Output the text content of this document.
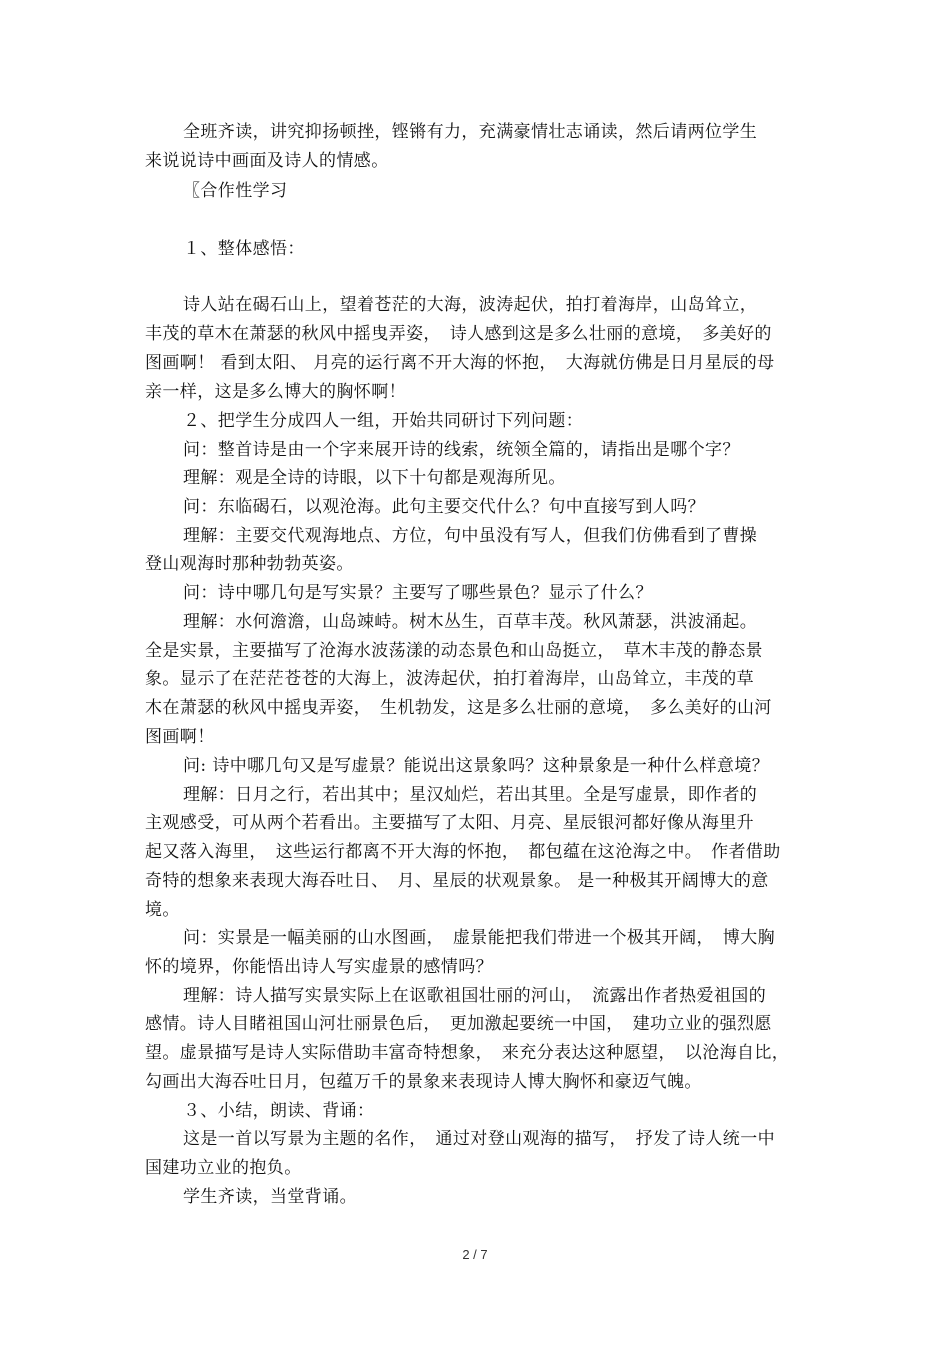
全班齐读，讲究抑扬顿挫，铿锵有力，充满豪情壮志诵读，然后请两位学生
来说说诗中画面及诗人的情感。
〖合作性学习
１、整体感悟：
诗人站在碣石山上，望着苍茫的大海，波涛起伏，拍打着海岸，山岛耸立，
丰茂的草木在萧瑟的秋风中摇曳弄姿，　诗人感到这是多么壮丽的意境，　多美好的
图画啊！ 看到太阳、 月亮的运行离不开大海的怀抱，　大海就仿佛是日月星辰的母
亲一样，这是多么博大的胸怀啊！
２、把学生分成四人一组，开始共同研讨下列问题：
问：整首诗是由一个字来展开诗的线索，统领全篇的，请指出是哪个字？
理解：观是全诗的诗眼，以下十句都是观海所见。
问：东临碣石，以观沧海。此句主要交代什么？句中直接写到人吗？
理解：主要交代观海地点、方位，句中虽没有写人，但我们仿佛看到了曹操
登山观海时那种勃勃英姿。
问：诗中哪几句是写实景？主要写了哪些景色？显示了什么？
理解：水何澹澹，山岛竦峙。树木丛生，百草丰茂。秋风萧瑟，洪波涌起。
全是实景，主要描写了沧海水波荡漾的动态景色和山岛挺立，　草木丰茂的静态景
象。显示了在茫茫苍苍的大海上，波涛起伏，拍打着海岸，山岛耸立，丰茂的草
木在萧瑟的秋风中摇曳弄姿，　生机勃发，这是多么壮丽的意境，　多么美好的山河
图画啊！
问: 诗中哪几句又是写虚景？能说出这景象吗？这种景象是一种什么样意境？
理解：日月之行，若出其中；星汉灿烂，若出其里。全是写虚景，即作者的
主观感受，可从两个若看出。主要描写了太阳、月亮、星辰银河都好像从海里升
起又落入海里，　这些运行都离不开大海的怀抱，　都包蕴在这沧海之中。　作者借助
奇特的想象来表现大海吞吐日、　月、星辰的状观景象。 是一种极其开阔博大的意
境。
问：实景是一幅美丽的山水图画，　虚景能把我们带进一个极其开阔，　博大胸
怀的境界，你能悟出诗人写实虚景的感情吗？
理解：诗人描写实景实际上在讴歌祖国壮丽的河山，　流露出作者热爱祖国的
感情。诗人目睹祖国山河壮丽景色后，　更加激起要统一中国，　建功立业的强烈愿
望。虚景描写是诗人实际借助丰富奇特想象，　来充分表达这种愿望，　以沧海自比，
勾画出大海吞吐日月，包蕴万千的景象来表现诗人博大胸怀和豪迈气魄。
３、小结，朗读、背诵：
这是一首以写景为主题的名作，　通过对登山观海的描写，　抒发了诗人统一中
国建功立业的抱负。
学生齐读，当堂背诵。
2 / 7
